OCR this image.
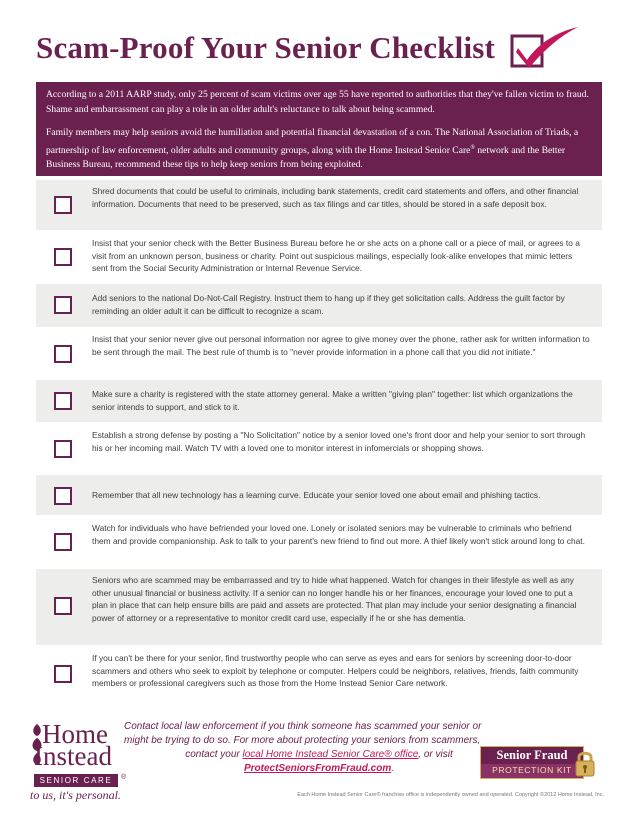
Scam-Proof Your Senior Checklist

According to a 2011 AARP study, only 25 percent of scam victims over age 55 have reported to authorities that they've fallen victim to fraud. Shame and embarrassment can play a role in an older adult's reluctance to talk about being scammed.

Family members may help seniors avoid the humiliation and potential financial devastation of a con. The National Association of Triads, a partnership of law enforcement, older adults and community groups, along with the Home Instead Senior Care® network and the Better Business Bureau, recommend these tips to help keep seniors from being exploited.

Shred documents that could be useful to criminals, including bank statements, credit card statements and offers, and other financial information. Documents that need to be preserved, such as tax filings and car titles, should be stored in a safe deposit box.
Insist that your senior check with the Better Business Bureau before he or she acts on a phone call or a piece of mail, or agrees to a visit from an unknown person, business or charity. Point out suspicious mailings, especially look-alike envelopes that mimic letters sent from the Social Security Administration or Internal Revenue Service.
Add seniors to the national Do-Not-Call Registry. Instruct them to hang up if they get solicitation calls. Address the guilt factor by reminding an older adult it can be difficult to recognize a scam.
Insist that your senior never give out personal information nor agree to give money over the phone, rather ask for written information to be sent through the mail. The best rule of thumb is to "never provide information in a phone call that you did not initiate."
Make sure a charity is registered with the state attorney general. Make a written "giving plan" together: list which organizations the senior intends to support, and stick to it.
Establish a strong defense by posting a "No Solicitation" notice by a senior loved one's front door and help your senior to sort through his or her incoming mail. Watch TV with a loved one to monitor interest in infomercials or shopping shows.
Remember that all new technology has a learning curve. Educate your senior loved one about email and phishing tactics.
Watch for individuals who have befriended your loved one. Lonely or isolated seniors may be vulnerable to criminals who befriend them and provide companionship. Ask to talk to your parent's new friend to find out more. A thief likely won't stick around long to chat.
Seniors who are scammed may be embarrassed and try to hide what happened. Watch for changes in their lifestyle as well as any other unusual financial or business activity. If a senior can no longer handle his or her finances, encourage your loved one to put a plan in place that can help ensure bills are paid and assets are protected. That plan may include your senior designating a financial power of attorney or a representative to monitor credit card use, especially if he or she has dementia.
If you can't be there for your senior, find trustworthy people who can serve as eyes and ears for seniors by screening door-to-door scammers and others who seek to exploit by telephone or computer. Helpers could be neighbors, relatives, friends, faith community members or professional caregivers such as those from the Home Instead Senior Care network.
Home
Instead
SENIOR CARE	®
to us, it's personal.
Contact local law enforcement if you think someone has scammed your senior or
might be trying to do so. For more about protecting your seniors from scammers,
contact your local Home Instead Senior Care® office, or visit
ProtectSeniorsFromFraud.com.
Senior Fraud
PROTECTION KIT
Each Home Instead Senior Care® franchise office is independently owned and operated. Copyright ©2012 Home Instead, Inc.
